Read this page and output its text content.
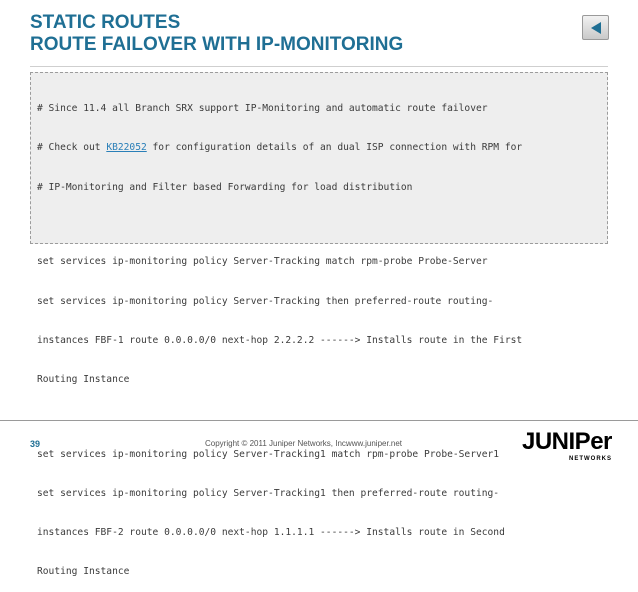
STATIC ROUTES
ROUTE FAILOVER WITH IP-MONITORING

# Since 11.4 all Branch SRX support IP-Monitoring and automatic route failover

# Check out KB22052 for configuration details of an dual ISP connection with RPM for

# IP-Monitoring and Filter based Forwarding for load distribution

set services ip-monitoring policy Server-Tracking match rpm-probe Probe-Server

set services ip-monitoring policy Server-Tracking then preferred-route routing-

instances FBF-1 route 0.0.0.0/0 next-hop 2.2.2.2 ------> Installs route in the First

Routing Instance

set services ip-monitoring policy Server-Tracking1 match rpm-probe Probe-Server1

set services ip-monitoring policy Server-Tracking1 then preferred-route routing-

instances FBF-2 route 0.0.0.0/0 next-hop 1.1.1.1 ------> Installs route in Second

Routing Instance

39	Copyright © 2011 Juniper Networks, Inc.
www.juniper.net	JUNIPer
NETWORKS
